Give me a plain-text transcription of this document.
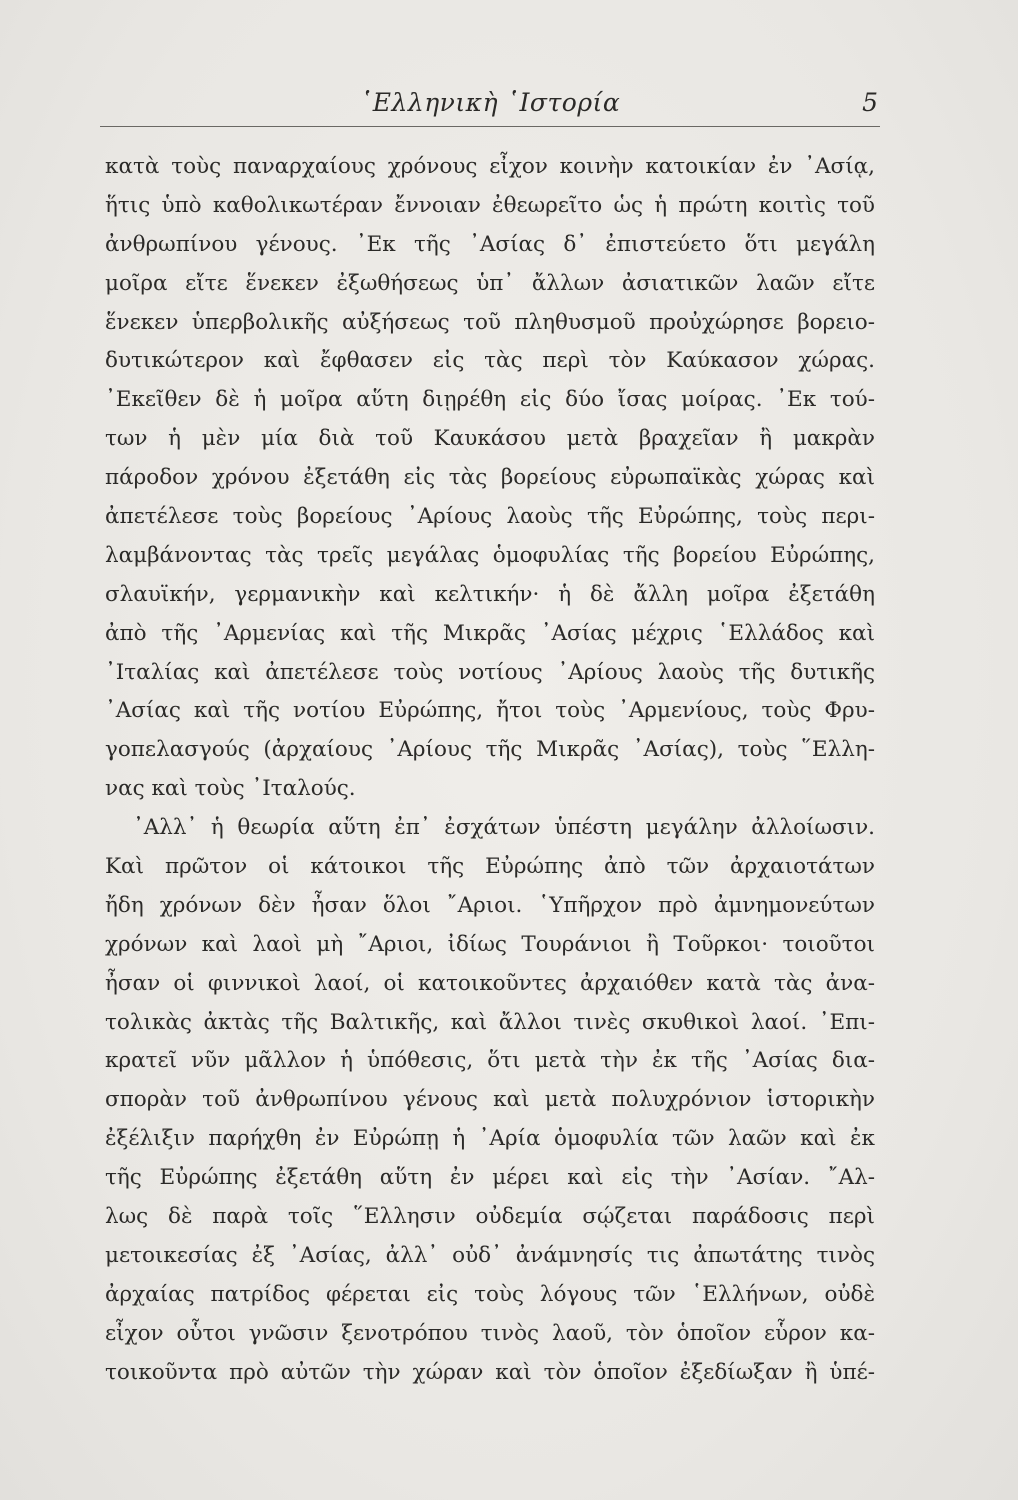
῾Ελληνικὴ ῾Ιστορία	5
κατὰ τοὺς παναρχαίους χρόνους εἶχον κοινὴν κατοικίαν ἐν ᾿Ασίᾳ,
ἥτις ὑπὸ καθολικωτέραν ἔννοιαν ἐθεωρεῖτο ὡς ἡ πρώτη κοιτὶς τοῦ
ἀνθρωπίνου γένους. ᾿Εκ τῆς ᾿Ασίας δ᾿ ἐπιστεύετο ὅτι μεγάλη
μοῖρα εἴτε ἕνεκεν ἐξωθήσεως ὑπ᾿ ἄλλων ἀσιατικῶν λαῶν εἴτε
ἕνεκεν ὑπερβολικῆς αὐξήσεως τοῦ πληθυσμοῦ προὐχώρησε βορειο-
δυτικώτερον καὶ ἔφθασεν εἰς τὰς περὶ τὸν Καύκασον χώρας.
᾿Εκεῖθεν δὲ ἡ μοῖρα αὕτη διῃρέθη εἰς δύο ἴσας μοίρας. ᾿Εκ τού-
των ἡ μὲν μία διὰ τοῦ Καυκάσου μετὰ βραχεῖαν ἢ μακρὰν
πάροδον χρόνου ἐξετάθη εἰς τὰς βορείους εὐρωπαϊκὰς χώρας καὶ
ἀπετέλεσε τοὺς βορείους ᾿Αρίους λαοὺς τῆς Εὐρώπης, τοὺς περι-
λαμβάνοντας τὰς τρεῖς μεγάλας ὁμοφυλίας τῆς βορείου Εὐρώπης,
σλαυϊκήν, γερμανικὴν καὶ κελτικήν· ἡ δὲ ἄλλη μοῖρα ἐξετάθη
ἀπὸ τῆς ᾿Αρμενίας καὶ τῆς Μικρᾶς ᾿Ασίας μέχρις ῾Ελλάδος καὶ
᾿Ιταλίας καὶ ἀπετέλεσε τοὺς νοτίους ᾿Αρίους λαοὺς τῆς δυτικῆς
᾿Ασίας καὶ τῆς νοτίου Εὐρώπης, ἤτοι τοὺς ᾿Αρμενίους, τοὺς Φρυ-
γοπελασγούς (ἀρχαίους ᾿Αρίους τῆς Μικρᾶς ᾿Ασίας), τοὺς ῞Ελλη-
νας καὶ τοὺς ᾿Ιταλούς.
᾿Αλλ᾿ ἡ θεωρία αὕτη ἐπ᾿ ἐσχάτων ὑπέστη μεγάλην ἀλλοίωσιν.
Καὶ πρῶτον οἱ κάτοικοι τῆς Εὐρώπης ἀπὸ τῶν ἀρχαιοτάτων
ἤδη χρόνων δὲν ἦσαν ὅλοι ῎Αριοι. ῾Υπῆρχον πρὸ ἀμνημονεύτων
χρόνων καὶ λαοὶ μὴ ῎Αριοι, ἰδίως Τουράνιοι ἢ Τοῦρκοι· τοιοῦτοι
ἦσαν οἱ φιννικοὶ λαοί, οἱ κατοικοῦντες ἀρχαιόθεν κατὰ τὰς ἀνα-
τολικὰς ἀκτὰς τῆς Βαλτικῆς, καὶ ἄλλοι τινὲς σκυθικοὶ λαοί. ᾿Επι-
κρατεῖ νῦν μᾶλλον ἡ ὑπόθεσις, ὅτι μετὰ τὴν ἐκ τῆς ᾿Ασίας δια-
σπορὰν τοῦ ἀνθρωπίνου γένους καὶ μετὰ πολυχρόνιον ἱστορικὴν
ἐξέλιξιν παρήχθη ἐν Εὐρώπῃ ἡ ᾿Αρία ὁμοφυλία τῶν λαῶν καὶ ἐκ
τῆς Εὐρώπης ἐξετάθη αὕτη ἐν μέρει καὶ εἰς τὴν ᾿Ασίαν. ῎Αλ-
λως δὲ παρὰ τοῖς ῞Ελλησιν οὐδεμία σῴζεται παράδοσις περὶ
μετοικεσίας ἐξ ᾿Ασίας, ἀλλ᾿ οὐδ᾿ ἀνάμνησίς τις ἀπωτάτης τινὸς
ἀρχαίας πατρίδος φέρεται εἰς τοὺς λόγους τῶν ῾Ελλήνων, οὐδὲ
εἶχον οὗτοι γνῶσιν ξενοτρόπου τινὸς λαοῦ, τὸν ὁποῖον εὗρον κα-
τοικοῦντα πρὸ αὐτῶν τὴν χώραν καὶ τὸν ὁποῖον ἐξεδίωξαν ἢ ὑπέ-
